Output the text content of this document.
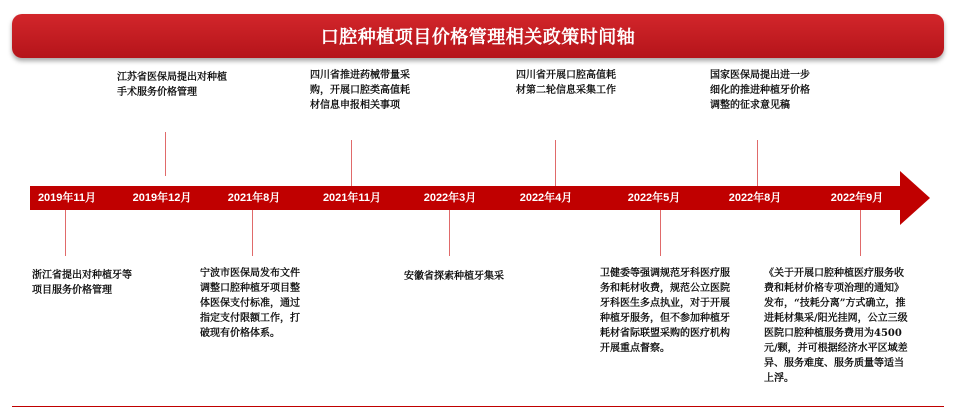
口腔种植项目价格管理相关政策时间轴
2019年11月	2019年12月	2021年8月	2021年11月	2022年3月	2022年4月	2022年5月	2022年8月	2022年9月
江苏省医保局提出对种植手术服务价格管理
四川省推进药械带量采购，开展口腔类高值耗材信息申报相关事项
四川省开展口腔高值耗材第二轮信息采集工作
国家医保局提出进一步细化的推进种植牙价格调整的征求意见稿
浙江省提出对种植牙等项目服务价格管理
宁波市医保局发布文件调整口腔种植牙项目整体医保支付标准，通过指定支付限额工作，打破现有价格体系。
安徽省探索种植牙集采	卫健委等强调规范牙科医疗服务和耗材收费，规范公立医院牙科医生多点执业，对于开展种植牙服务，但不参加种植牙耗材省际联盟采购的医疗机构开展重点督察。
《关于开展口腔种植医疗服务收费和耗材价格专项治理的通知》发布，“技耗分离”方式确立，推进耗材集采/阳光挂网，公立三级医院口腔种植服务费用为4500元/颗，并可根据经济水平区域差异、服务难度、服务质量等适当上浮。
